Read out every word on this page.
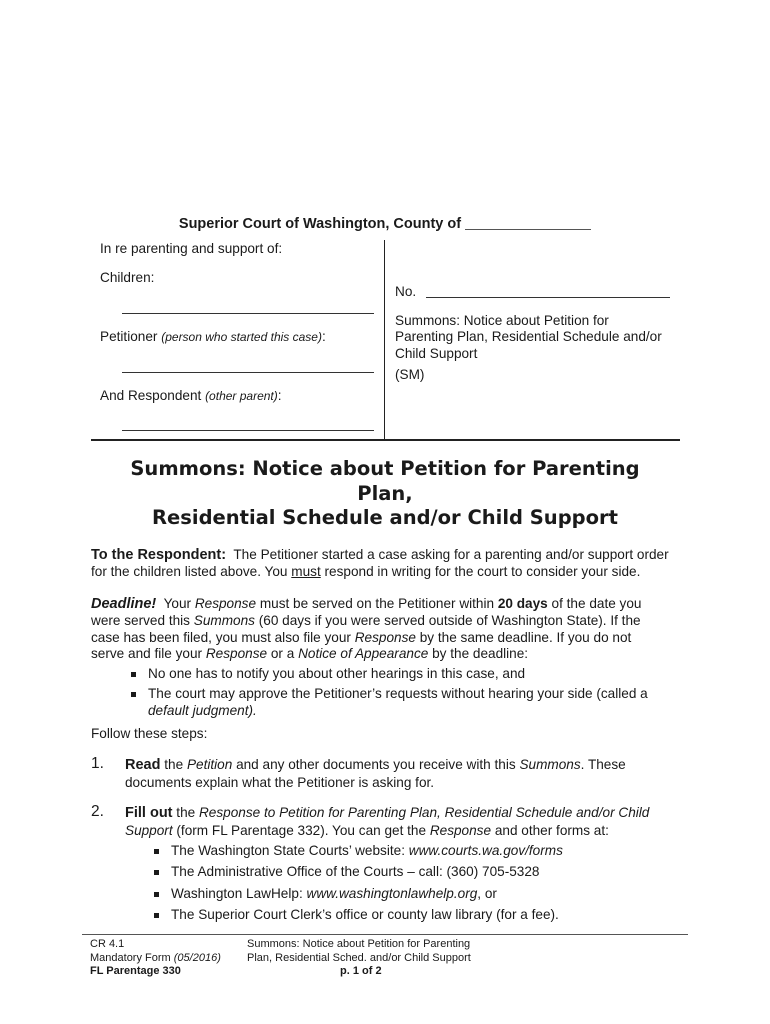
Superior Court of Washington, County of
In re parenting and support of:
Children:
Petitioner (person who started this case):
And Respondent (other parent):
No.
Summons: Notice about Petition for
Parenting Plan, Residential Schedule and/or
Child Support
(SM)
Summons: Notice about Petition for Parenting
Plan,
Residential Schedule and/or Child Support
To the Respondent: The Petitioner started a case asking for a parenting and/or support order
for the children listed above. You must respond in writing for the court to consider your side.
Deadline! Your Response must be served on the Petitioner within 20 days of the date you
were served this Summons (60 days if you were served outside of Washington State). If the
case has been filed, you must also file your Response by the same deadline. If you do not
serve and file your Response or a Notice of Appearance by the deadline:
No one has to notify you about other hearings in this case, and
The court may approve the Petitioner’s requests without hearing your side (called a
default judgment).
Follow these steps:
1. Read the Petition and any other documents you receive with this Summons. These
documents explain what the Petitioner is asking for.
2. Fill out the Response to Petition for Parenting Plan, Residential Schedule and/or Child
Support (form FL Parentage 332). You can get the Response and other forms at:
The Washington State Courts’ website: www.courts.wa.gov/forms
The Administrative Office of the Courts – call: (360) 705-5328
Washington LawHelp: www.washingtonlawhelp.org, or
The Superior Court Clerk’s office or county law library (for a fee).
CR 4.1
Mandatory Form (05/2016)
FL Parentage 330
Summons: Notice about Petition for Parenting
Plan, Residential Sched. and/or Child Support
p. 1 of 2
